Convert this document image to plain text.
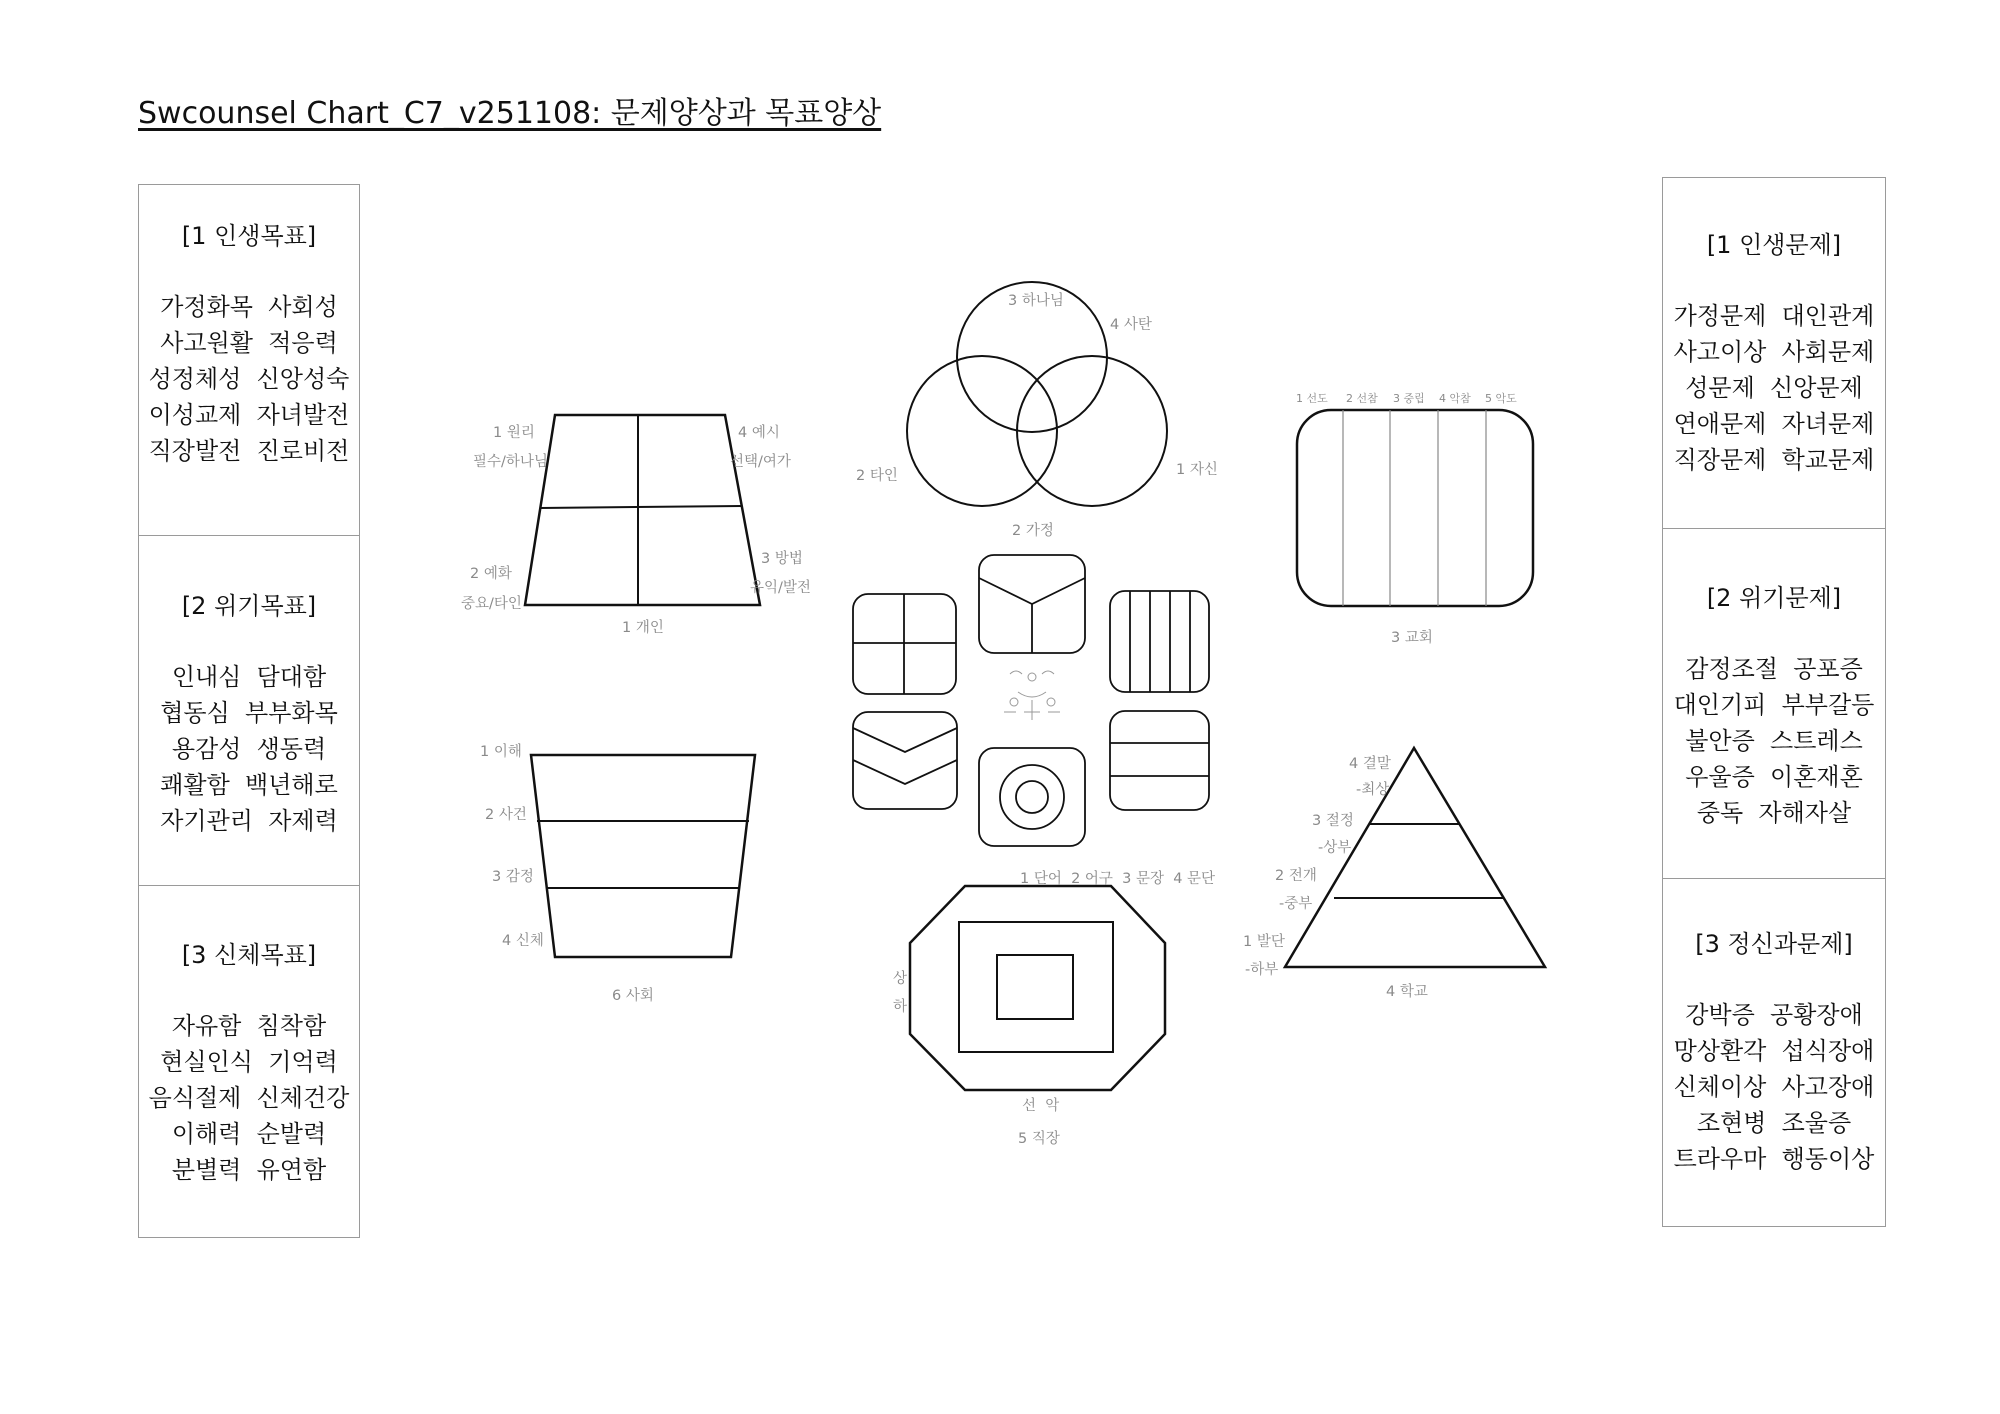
Swcounsel Chart_C7_v251108: 문제양상과 목표양상
[1 인생목표]
가정화목  사회성
사고원활  적응력
성정체성  신앙성숙
이성교제  자녀발전
직장발전  진로비전
[2 위기목표]
인내심  담대함
협동심  부부화목
용감성  생동력
쾌활함  백년해로
자기관리  자제력
[3 신체목표]
자유함  침착함
현실인식  기억력
음식절제  신체건강
이해력  순발력
분별력  유연함
[1 인생문제]
가정문제  대인관계
사고이상  사회문제
성문제  신앙문제
연애문제  자녀문제
직장문제  학교문제
[2 위기문제]
감정조절  공포증
대인기피  부부갈등
불안증  스트레스
우울증  이혼재혼
중독  자해자살
[3 정신과문제]
강박증  공황장애
망상환각  섭식장애
신체이상  사고장애
조현병  조울증
트라우마  행동이상
1 원리
필수/하나님
4 예시
선택/여가
3 방법
유익/발전
2 예화
중요/타인
1 개인
3 하나님
4 사탄
2 타인	1 자신
2 가정
1 선도 2 선참 3 중립 4 악참 5 악도
3 교회
4 결말
-최상
3 절정
-상부
2 전개
-중부
1 발단
-하부
4 학교
상
하
선  악
5 직장
1 이해
2 사건
3 감정
4 신체
6 사회
1 단어  2 어구  3 문장  4 문단
